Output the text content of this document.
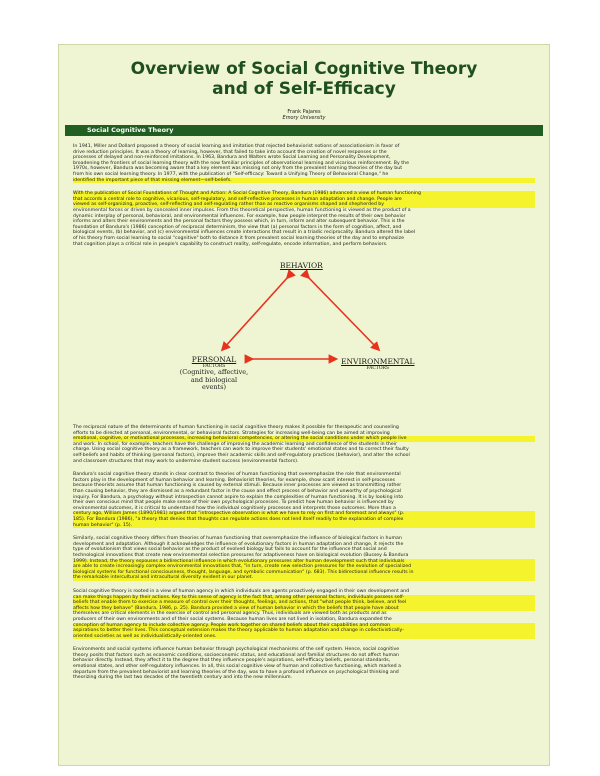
Overview of Social Cognitive Theory
and of Self-Efficacy
Frank Pajares
Emory University
Social Cognitive Theory
In 1941, Miller and Dollard proposed a theory of social learning and imitation that rejected behaviorist notions of associationism in favor of
drive reduction principles. It was a theory of learning, however, that failed to take into account the creation of novel responses or the
processes of delayed and non-reinforced imitations. In 1963, Bandura and Walters wrote Social Learning and Personality Development,
broadening the frontiers of social learning theory with the now familiar principles of observational learning and vicarious reinforcement. By the
1970s, however, Bandura was becoming aware that a key element was missing not only from the prevalent learning theories of the day but
from his own social learning theory. In 1977, with the publication of "Self-efficacy: Toward a Unifying Theory of Behavioral Change," he
identified the important piece of that missing element—self-beliefs.
With the publication of Social Foundations of Thought and Action: A Social Cognitive Theory, Bandura (1986) advanced a view of human functioning
that accords a central role to cognitive, vicarious, self-regulatory, and self-reflective processes in human adaptation and change. People are
viewed as self-organizing, proactive, self-reflecting and self-regulating rather than as reactive organisms shaped and shepherded by
environmental forces or driven by concealed inner impulses. From this theoretical perspective, human functioning is viewed as the product of a
dynamic interplay of personal, behavioral, and environmental influences. For example, how people interpret the results of their own behavior
informs and alters their environments and the personal factors they possess which, in turn, inform and alter subsequent behavior. This is the
foundation of Bandura's (1986) conception of reciprocal determinism, the view that (a) personal factors in the form of cognition, affect, and
biological events, (b) behavior, and (c) environmental influences create interactions that result in a triadic reciprocality. Bandura altered the label
of his theory from social learning to social "cognitive" both to distance it from prevalent social learning theories of the day and to emphasize
that cognition plays a critical role in people's capability to construct reality, self-regulate, encode information, and perform behaviors.
BEHAVIOR
PERSONAL
FACTORS
(Cognitive, affective,
and biological events)
ENVIRONMENTAL
FACTORS
The reciprocal nature of the determinants of human functioning in social cognitive theory makes it possible for therapeutic and counseling
efforts to be directed at personal, environmental, or behavioral factors. Strategies for increasing well-being can be aimed at improving
emotional, cognitive, or motivational processes, increasing behavioral competencies, or altering the social conditions under which people live
and work. In school, for example, teachers have the challenge of improving the academic learning and confidence of the students in their
charge. Using social cognitive theory as a framework, teachers can work to improve their students' emotional states and to correct their faulty
self-beliefs and habits of thinking (personal factors), improve their academic skills and self-regulatory practices (behavior), and alter the school
and classroom structures that may work to undermine student success (environmental factors).
Bandura's social cognitive theory stands in clear contrast to theories of human functioning that overemphasize the role that environmental
factors play in the development of human behavior and learning. Behaviorist theories, for example, show scant interest in self-processes
because theorists assume that human functioning is caused by external stimuli. Because inner processes are viewed as transmitting rather
than causing behavior, they are dismissed as a redundant factor in the cause and effect process of behavior and unworthy of psychological
inquiry. For Bandura, a psychology without introspection cannot aspire to explain the complexities of human functioning. It is by looking into
their own conscious mind that people make sense of their own psychological processes. To predict how human behavior is influenced by
environmental outcomes, it is critical to understand how the individual cognitively processes and interprets those outcomes. More than a
century ago, William James (1890/1981) argued that "introspective observation is what we have to rely on first and foremost and always" (p.
185). For Bandura (1986), "a theory that denies that thoughts can regulate actions does not lend itself readily to the explanation of complex
human behavior" (p. 15).
Similarly, social cognitive theory differs from theories of human functioning that overemphasize the influence of biological factors in human
development and adaptation. Although it acknowledges the influence of evolutionary factors in human adaptation and change, it rejects the
type of evolutionism that views social behavior as the product of evolved biology but fails to account for the influence that social and
technological innovations that create new environmental selection pressures for adaptiveness have on biological evolution (Bussey & Bandura
1999). Instead, the theory espouses a bidirectional influence in which evolutionary pressures alter human development such that individuals
are able to create increasingly complex environmental innovations that, "in turn, create new selection pressures for the evolution of specialized
biological systems for functional consciousness, thought, language, and symbolic communication" (p. 683). This bidirectional influence results in
the remarkable intercultural and intracultural diversity evident in our planet.
Social cognitive theory is rooted in a view of human agency in which individuals are agents proactively engaged in their own development and
can make things happen by their actions. Key to this sense of agency is the fact that, among other personal factors, individuals possess self-
beliefs that enable them to exercise a measure of control over their thoughts, feelings, and actions, that "what people think, believe, and feel
affects how they behave" (Bandura, 1986, p. 25). Bandura provided a view of human behavior in which the beliefs that people have about
themselves are critical elements in the exercise of control and personal agency. Thus, individuals are viewed both as products and as
producers of their own environments and of their social systems. Because human lives are not lived in isolation, Bandura expanded the
conception of human agency to include collective agency. People work together on shared beliefs about their capabilities and common
aspirations to better their lives. This conceptual extension makes the theory applicable to human adaptation and change in collectivistically-
oriented societies as well as individualistically-oriented ones.
Environments and social systems influence human behavior through psychological mechanisms of the self system. Hence, social cognitive
theory posits that factors such as economic conditions, socioeconomic status, and educational and familial structures do not affect human
behavior directly. Instead, they affect it to the degree that they influence people's aspirations, self-efficacy beliefs, personal standards,
emotional states, and other self-regulatory influences. In all, this social cognitive view of human and collective functioning, which marked a
departure from the prevalent behaviorist and learning theories of the day, was to have a profound influence on psychological thinking and
theorizing during the last two decades of the twentieth century and into the new millennium.
